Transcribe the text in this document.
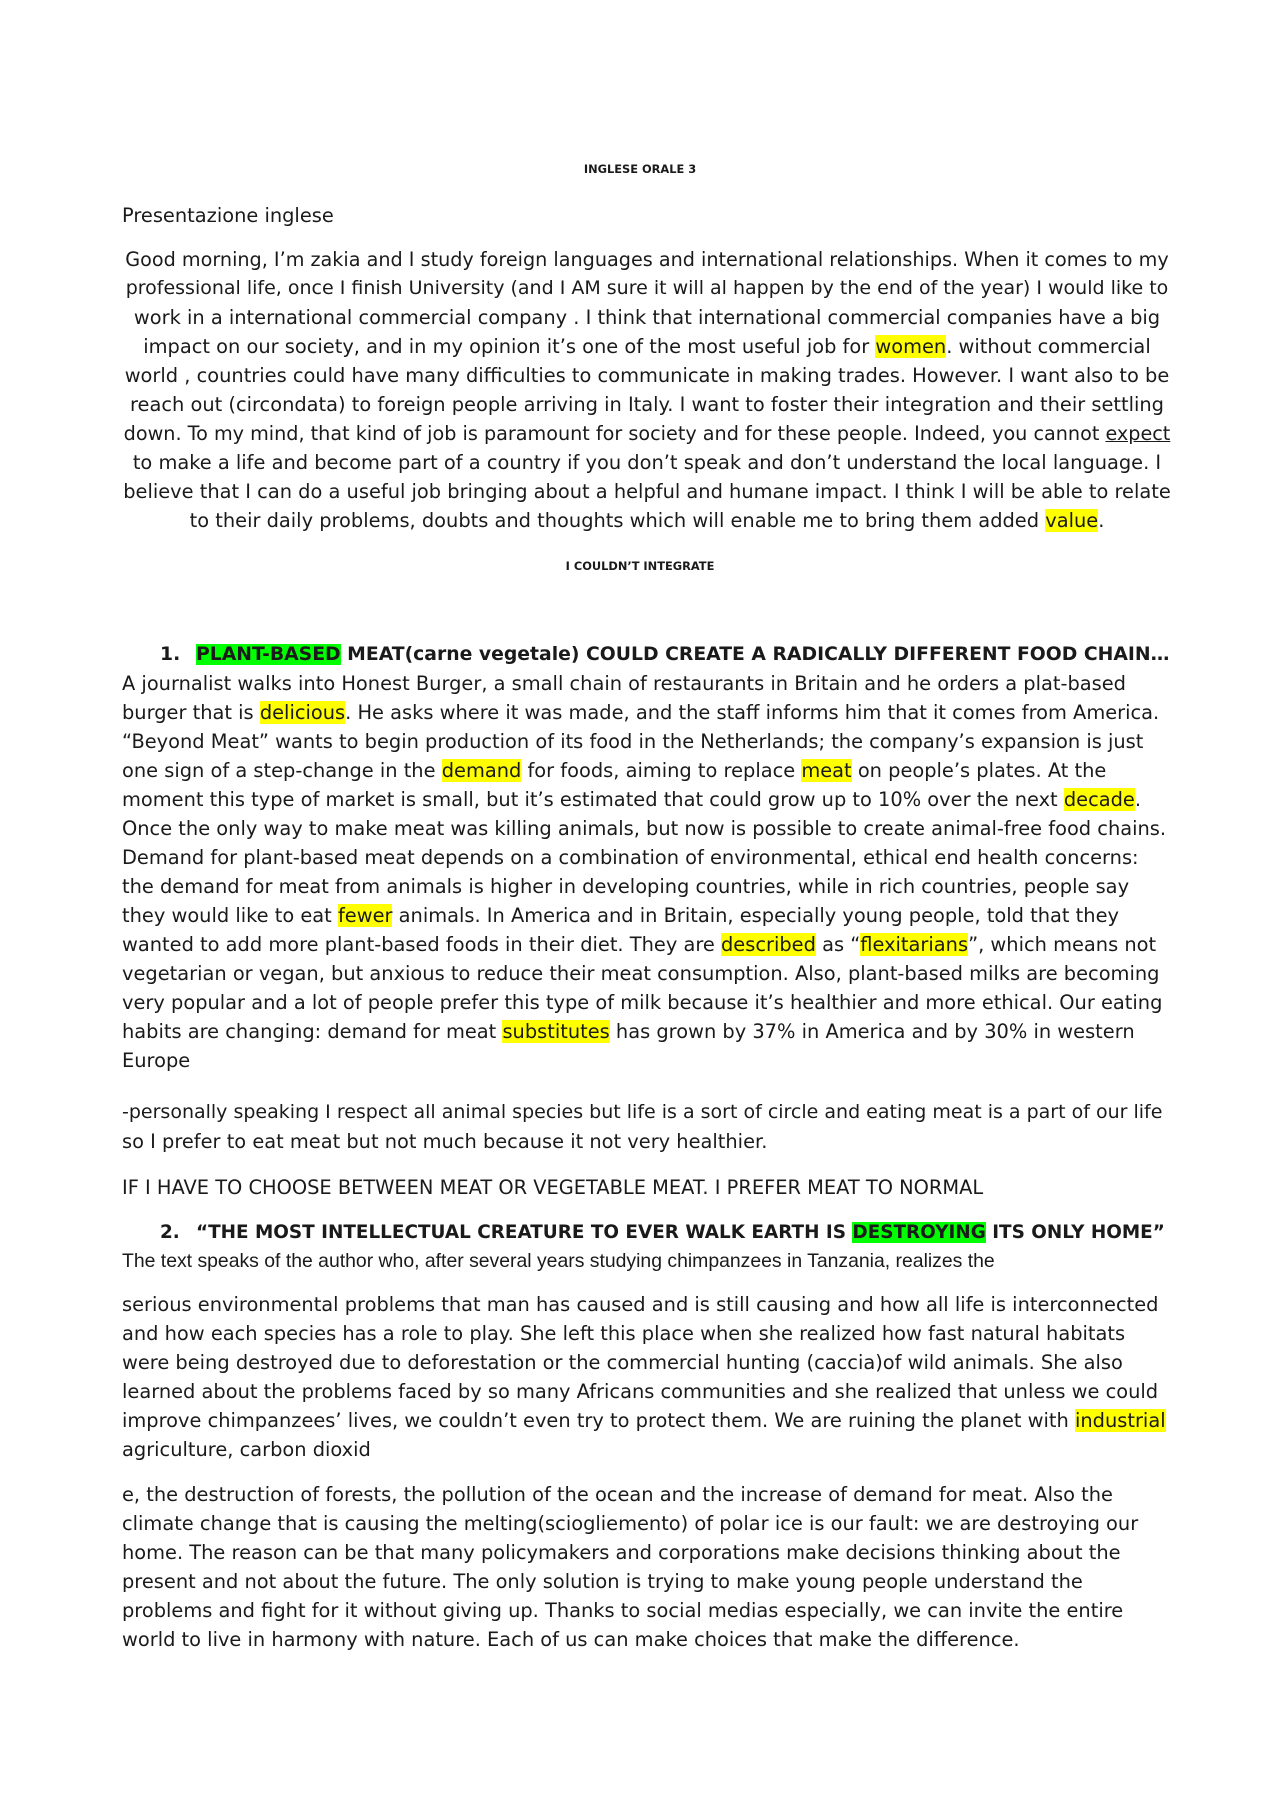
INGLESE ORALE 3

Presentazione inglese

Good morning, I’m zakia and I study foreign languages and international relationships. When it comes to my

professional life, once I finish University (and I AM sure it will al happen by the end of the year) I would like to

work in a international commercial company . I think that international commercial companies have a big

impact on our society, and in my opinion it’s one of the most useful job for women. without commercial

world , countries could have many difficulties to communicate in making trades. However. I want also to be

reach out (circondata) to foreign people arriving in Italy. I want to foster their integration and their settling

down. To my mind, that kind of job is paramount for society and for these people. Indeed, you cannot expect

to make a life and become part of a country if you don’t speak and don’t understand the local language. I

believe that I can do a useful job bringing about a helpful and humane impact. I think I will be able to relate

to their daily problems, doubts and thoughts which will enable me to bring them added value.

I COULDN’T INTEGRATE

1. PLANT-BASED MEAT(carne vegetale) COULD CREATE A RADICALLY DIFFERENT FOOD CHAIN…

A journalist walks into Honest Burger, a small chain of restaurants in Britain and he orders a plat-based

burger that is delicious. He asks where it was made, and the staff informs him that it comes from America.

“Beyond Meat” wants to begin production of its food in the Netherlands; the company’s expansion is just

one sign of a step-change in the demand for foods, aiming to replace meat on people’s plates. At the

moment this type of market is small, but it’s estimated that could grow up to 10% over the next decade.

Once the only way to make meat was killing animals, but now is possible to create animal-free food chains.

Demand for plant-based meat depends on a combination of environmental, ethical end health concerns:

the demand for meat from animals is higher in developing countries, while in rich countries, people say

they would like to eat fewer animals. In America and in Britain, especially young people, told that they

wanted to add more plant-based foods in their diet. They are described as “flexitarians”, which means not

vegetarian or vegan, but anxious to reduce their meat consumption. Also, plant-based milks are becoming

very popular and a lot of people prefer this type of milk because it’s healthier and more ethical. Our eating

habits are changing: demand for meat substitutes has grown by 37% in America and by 30% in western

Europe

-personally speaking I respect all animal species but life is a sort of circle and eating meat is a part of our life

so I prefer to eat meat but not much because it not very healthier.

IF I HAVE TO CHOOSE BETWEEN MEAT OR VEGETABLE MEAT. I PREFER MEAT TO NORMAL

2. “THE MOST INTELLECTUAL CREATURE TO EVER WALK EARTH IS DESTROYING ITS ONLY HOME”

The text speaks of the author who, after several years studying chimpanzees in Tanzania, realizes the

serious environmental problems that man has caused and is still causing and how all life is interconnected

and how each species has a role to play. She left this place when she realized how fast natural habitats

were being destroyed due to deforestation or the commercial hunting (caccia)of wild animals. She also

learned about the problems faced by so many Africans communities and she realized that unless we could

improve chimpanzees’ lives, we couldn’t even try to protect them. We are ruining the planet with industrial

agriculture, carbon dioxid

e, the destruction of forests, the pollution of the ocean and the increase of demand for meat. Also the

climate change that is causing the melting(sciogliemento) of polar ice is our fault: we are destroying our

home. The reason can be that many policymakers and corporations make decisions thinking about the

present and not about the future. The only solution is trying to make young people understand the

problems and fight for it without giving up. Thanks to social medias especially, we can invite the entire

world to live in harmony with nature. Each of us can make choices that make the difference.
